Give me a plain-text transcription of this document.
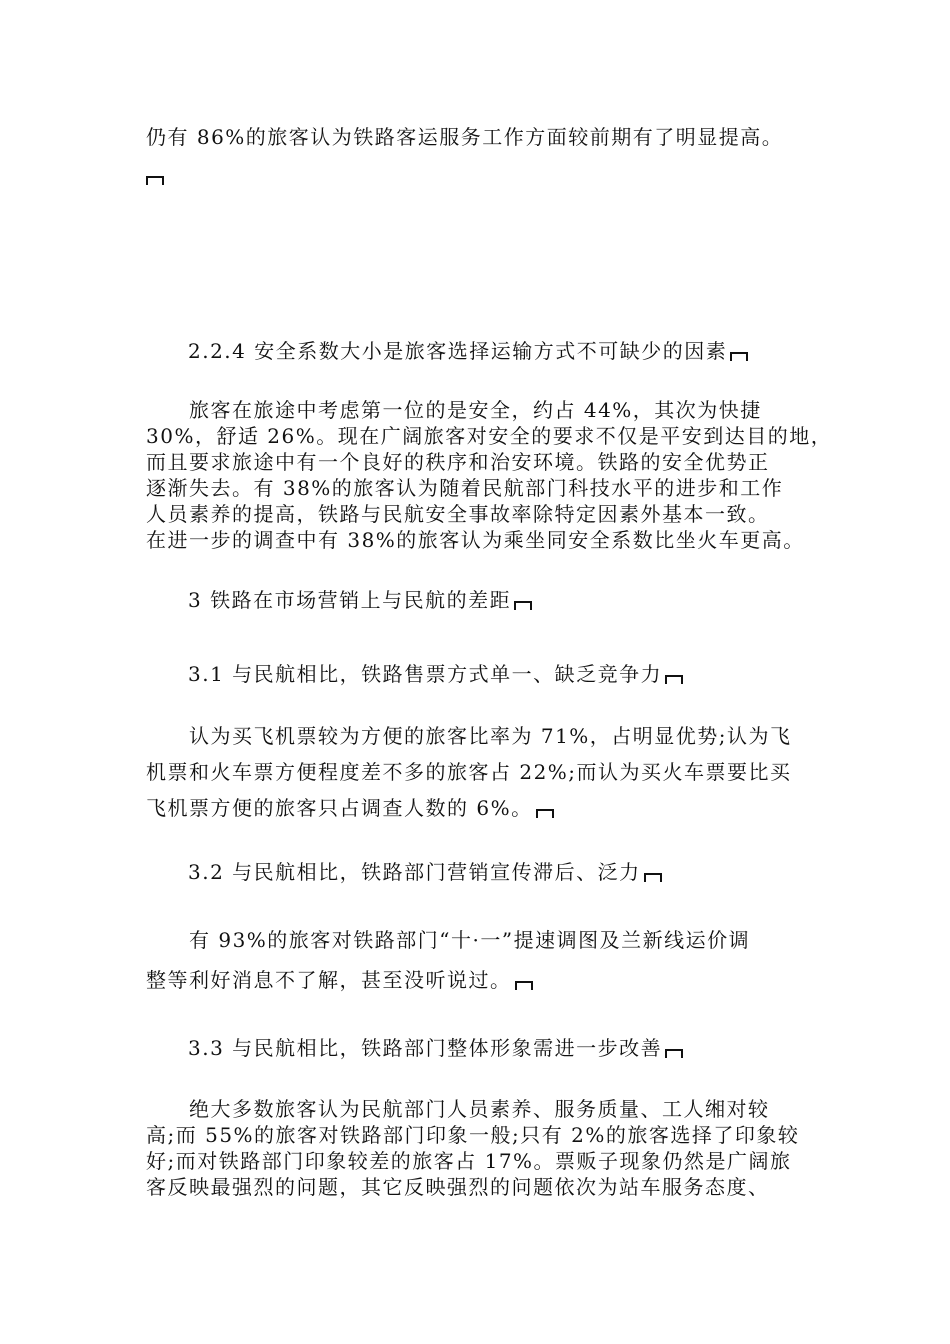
仍有 86%的旅客认为铁路客运服务工作方面较前期有了明显提高。
2.2.4 安全系数大小是旅客选择运输方式不可缺少的因素
　　旅客在旅途中考虑第一位的是安全，约占 44%，其次为快捷
30%，舒适 26%。现在广阔旅客对安全的要求不仅是平安到达目的地，
而且要求旅途中有一个良好的秩序和治安环境。铁路的安全优势正
逐渐失去。有 38%的旅客认为随着民航部门科技水平的进步和工作
人员素养的提高，铁路与民航安全事故率除特定因素外基本一致。
在进一步的调查中有 38%的旅客认为乘坐同安全系数比坐火车更高。
3 铁路在市场营销上与民航的差距
3.1 与民航相比，铁路售票方式单一、缺乏竞争力
　　认为买飞机票较为方便的旅客比率为 71%，占明显优势;认为飞
机票和火车票方便程度差不多的旅客占 22%;而认为买火车票要比买
飞机票方便的旅客只占调查人数的 6%。
3.2 与民航相比，铁路部门营销宣传滞后、泛力
　　有 93%的旅客对铁路部门“十·一”提速调图及兰新线运价调
整等利好消息不了解，甚至没听说过。
3.3 与民航相比，铁路部门整体形象需进一步改善
　　绝大多数旅客认为民航部门人员素养、服务质量、工人缃对较
高;而 55%的旅客对铁路部门印象一般;只有 2%的旅客选择了印象较
好;而对铁路部门印象较差的旅客占 17%。票贩子现象仍然是广阔旅
客反映最强烈的问题，其它反映强烈的问题依次为站车服务态度、
